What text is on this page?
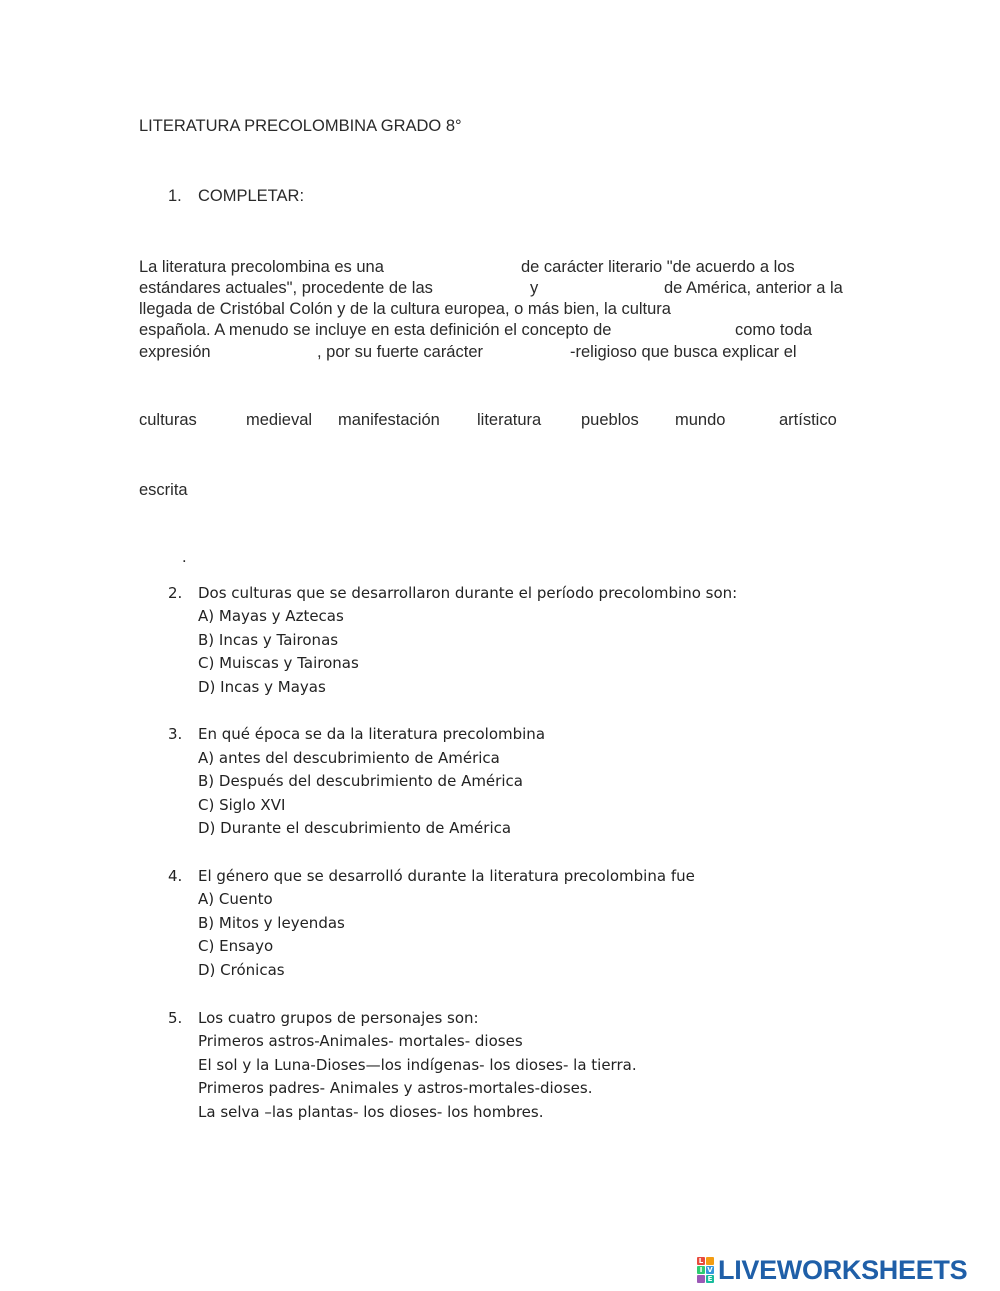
LITERATURA PRECOLOMBINA GRADO 8°
1. COMPLETAR:
La literatura precolombina es una	de carácter literario "de acuerdo a los
estándares actuales", procedente de las	y	de América, anterior a la
llegada de Cristóbal Colón y de la cultura europea, o más bien, la cultura
española. A menudo se incluye en esta definición el concepto de	como toda
expresión	, por su fuerte carácter	-religioso que busca explicar el
culturas	medieval manifestación literatura pueblos mundo	artístico
escrita
.
2. Dos culturas que se desarrollaron durante el período precolombino son:
A) Mayas y Aztecas
B) Incas y Taironas
C) Muiscas y Taironas
D) Incas y Mayas
3. En qué época se da la literatura precolombina
A) antes del descubrimiento de América
B) Después del descubrimiento de América
C) Siglo XVI
D) Durante el descubrimiento de América
4. El género que se desarrolló durante la literatura precolombina fue
A) Cuento
B) Mitos y leyendas
C) Ensayo
D) Crónicas
5. Los cuatro grupos de personajes son:
Primeros astros-Animales- mortales- dioses
El sol y la Luna-Dioses—los indígenas- los dioses- la tierra.
Primeros padres- Animales y astros-mortales-dioses.
La selva –las plantas- los dioses- los hombres.
L
I V
E LIVEWORKSHEETS
